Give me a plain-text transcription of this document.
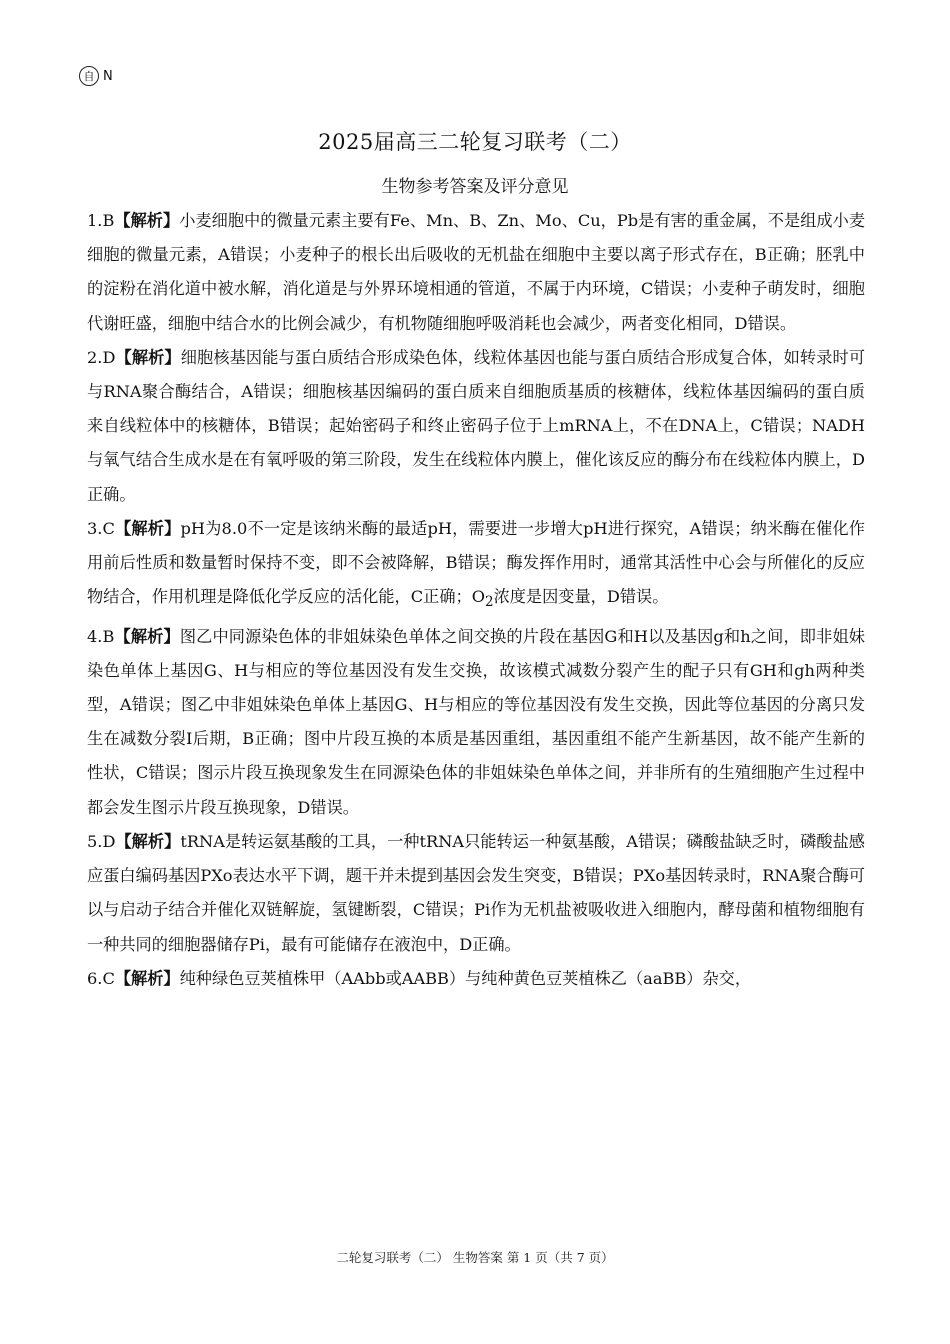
自 N
2025届高三二轮复习联考（二）
生物参考答案及评分意见

1.B【解析】小麦细胞中的微量元素主要有Fe、Mn、B、Zn、Mo、Cu，Pb是有害的重金属，不是组成小麦细胞的微量元素，A错误；小麦种子的根长出后吸收的无机盐在细胞中主要以离子形式存在，B正确；胚乳中的淀粉在消化道中被水解，消化道是与外界环境相通的管道，不属于内环境，C错误；小麦种子萌发时，细胞代谢旺盛，细胞中结合水的比例会减少，有机物随细胞呼吸消耗也会减少，两者变化相同，D错误。

2.D【解析】细胞核基因能与蛋白质结合形成染色体，线粒体基因也能与蛋白质结合形成复合体，如转录时可与RNA聚合酶结合，A错误；细胞核基因编码的蛋白质来自细胞质基质的核糖体，线粒体基因编码的蛋白质来自线粒体中的核糖体，B错误；起始密码子和终止密码子位于上mRNA上，不在DNA上，C错误；NADH与氧气结合生成水是在有氧呼吸的第三阶段，发生在线粒体内膜上，催化该反应的酶分布在线粒体内膜上，D正确。

3.C【解析】pH为8.0不一定是该纳米酶的最适pH，需要进一步增大pH进行探究，A错误；纳米酶在催化作用前后性质和数量暂时保持不变，即不会被降解，B错误；酶发挥作用时，通常其活性中心会与所催化的反应物结合，作用机理是降低化学反应的活化能，C正确；$O_2$浓度是因变量，D错误。

4.B【解析】图乙中同源染色体的非姐妹染色单体之间交换的片段在基因G和H以及基因g和h之间，即非姐妹染色单体上基因G、H与相应的等位基因没有发生交换，故该模式减数分裂产生的配子只有GH和gh两种类型，A错误；图乙中非姐妹染色单体上基因G、H与相应的等位基因没有发生交换，因此等位基因的分离只发生在减数分裂Ⅰ后期，B正确；图中片段互换的本质是基因重组，基因重组不能产生新基因，故不能产生新的性状，C错误；图示片段互换现象发生在同源染色体的非姐妹染色单体之间，并非所有的生殖细胞产生过程中都会发生图示片段互换现象，D错误。

5.D【解析】tRNA是转运氨基酸的工具，一种tRNA只能转运一种氨基酸，A错误；磷酸盐缺乏时，磷酸盐感应蛋白编码基因PXo表达水平下调，题干并未提到基因会发生突变，B错误；PXo基因转录时，RNA聚合酶可以与启动子结合并催化双链解旋，氢键断裂，C错误；Pi作为无机盐被吸收进入细胞内，酵母菌和植物细胞有一种共同的细胞器储存Pi，最有可能储存在液泡中，D正确。

6.C【解析】纯种绿色豆荚植株甲（AAbb或AABB）与纯种黄色豆荚植株乙（aaBB）杂交，

二轮复习联考（二） 生物答案 第 1 页（共 7 页）
